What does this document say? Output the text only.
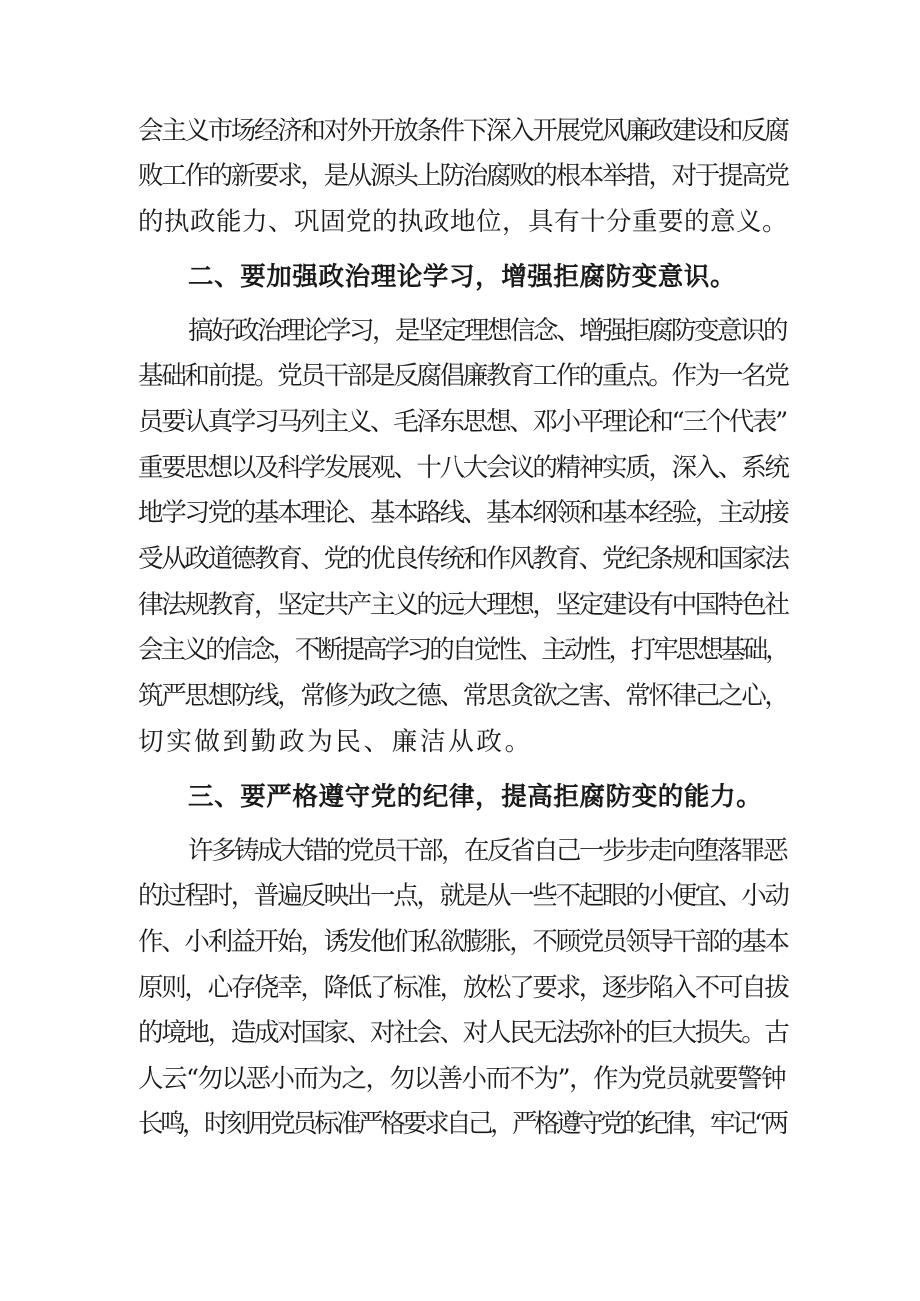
会主义市场经济和对外开放条件下深入开展党风廉政建设和反腐
败工作的新要求，是从源头上防治腐败的根本举措，对于提高党
的执政能力、巩固党的执政地位，具有十分重要的意义。
二、要加强政治理论学习，增强拒腐防变意识。
搞好政治理论学习，是坚定理想信念、增强拒腐防变意识的
基础和前提。党员干部是反腐倡廉教育工作的重点。作为一名党
员要认真学习马列主义、毛泽东思想、邓小平理论和“三个代表”
重要思想以及科学发展观、十八大会议的精神实质，深入、系统
地学习党的基本理论、基本路线、基本纲领和基本经验，主动接
受从政道德教育、党的优良传统和作风教育、党纪条规和国家法
律法规教育，坚定共产主义的远大理想，坚定建设有中国特色社
会主义的信念，不断提高学习的自觉性、主动性，打牢思想基础，
筑严思想防线，常修为政之德、常思贪欲之害、常怀律己之心，
切实做到勤政为民、廉洁从政。
三、要严格遵守党的纪律，提高拒腐防变的能力。
许多铸成大错的党员干部，在反省自己一步步走向堕落罪恶
的过程时，普遍反映出一点，就是从一些不起眼的小便宜、小动
作、小利益开始，诱发他们私欲膨胀，不顾党员领导干部的基本
原则，心存侥幸，降低了标准，放松了要求，逐步陷入不可自拔
的境地，造成对国家、对社会、对人民无法弥补的巨大损失。古
人云“勿以恶小而为之，勿以善小而不为”，作为党员就要警钟
长鸣，时刻用党员标准严格要求自己，严格遵守党的纪律，牢记“两
